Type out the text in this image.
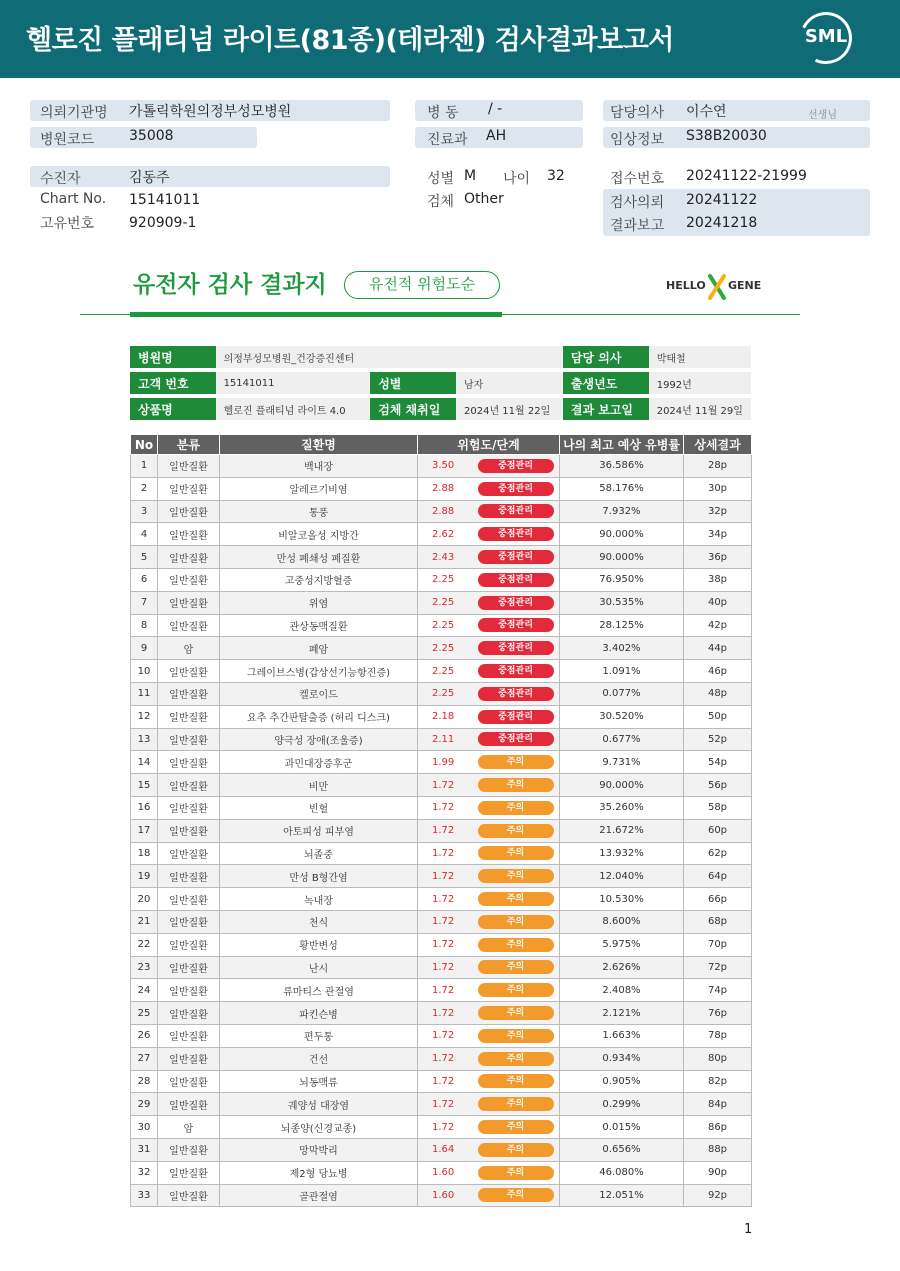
헬로진 플래티넘 라이트(81종)(테라젠) 검사결과보고서	SML
의뢰기관명 가톨릭학원의정부성모병원
병원코드 35008
병 동 / -
진료과 AH
담당의사 이수연	선생님
임상정보 S38B20030
수진자	김동주
Chart No. 15141011
고유번호 920909-1
성별 M 나이 32
검체 Other
접수번호 20241122-21999
검사의뢰 20241122
결과보고 20241218
유전자 검사 결과지	유전적 위험도순	HELLO GENE
병원명	의정부성모병원_건강증진센터			담당 의사	박태철
고객 번호	15141011	성별	남자	출생년도	1992년
상품명	헬로진 플래티넘 라이트 4.0	검체 채취일	2024년 11월 22일	결과 보고일	2024년 11월 29일
No	분류	질환명	위험도/단계		나의 최고 예상 유병률	상세결과
1	일반질환	백내장	3.50	중점관리	36.586%	28p
2	일반질환	알레르기비염	2.88	중점관리	58.176%	30p
3	일반질환	통풍	2.88	중점관리	7.932%	32p
4	일반질환	비알코올성 지방간	2.62	중점관리	90.000%	34p
5	일반질환	만성 폐쇄성 폐질환	2.43	중점관리	90.000%	36p
6	일반질환	고중성지방혈증	2.25	중점관리	76.950%	38p
7	일반질환	위염	2.25	중점관리	30.535%	40p
8	일반질환	관상동맥질환	2.25	중점관리	28.125%	42p
9	암	폐암	2.25	중점관리	3.402%	44p
10	일반질환	그레이브스병(갑상선기능항진증)	2.25	중점관리	1.091%	46p
11	일반질환	켈로이드	2.25	중점관리	0.077%	48p
12	일반질환	요추 추간판탈출증 (허리 디스크)	2.18	중점관리	30.520%	50p
13	일반질환	양극성 장애(조울증)	2.11	중점관리	0.677%	52p
14	일반질환	과민대장증후군	1.99	주의	9.731%	54p
15	일반질환	비만	1.72	주의	90.000%	56p
16	일반질환	빈혈	1.72	주의	35.260%	58p
17	일반질환	아토피성 피부염	1.72	주의	21.672%	60p
18	일반질환	뇌졸중	1.72	주의	13.932%	62p
19	일반질환	만성 B형간염	1.72	주의	12.040%	64p
20	일반질환	녹내장	1.72	주의	10.530%	66p
21	일반질환	천식	1.72	주의	8.600%	68p
22	일반질환	황반변성	1.72	주의	5.975%	70p
23	일반질환	난시	1.72	주의	2.626%	72p
24	일반질환	류마티스 관절염	1.72	주의	2.408%	74p
25	일반질환	파킨슨병	1.72	주의	2.121%	76p
26	일반질환	편두통	1.72	주의	1.663%	78p
27	일반질환	건선	1.72	주의	0.934%	80p
28	일반질환	뇌동맥류	1.72	주의	0.905%	82p
29	일반질환	궤양성 대장염	1.72	주의	0.299%	84p
30	암	뇌종양(신경교종)	1.72	주의	0.015%	86p
31	일반질환	망막박리	1.64	주의	0.656%	88p
32	일반질환	제2형 당뇨병	1.60	주의	46.080%	90p
33	일반질환	골관절염	1.60	주의	12.051%	92p
1
